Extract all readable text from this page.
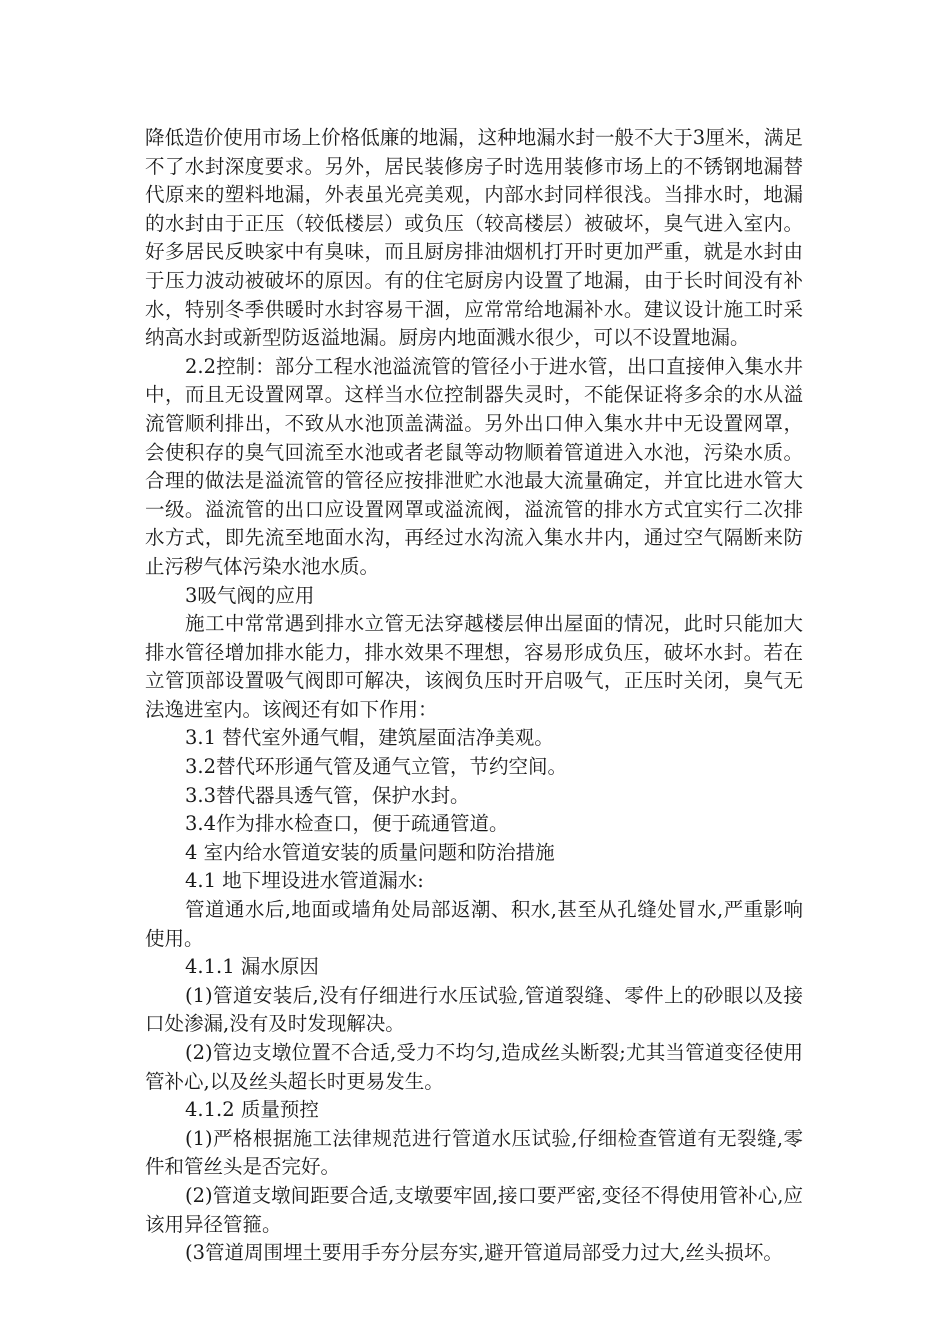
降低造价使用市场上价格低廉的地漏，这种地漏水封一般不大于3厘米，满足不了水封深度要求。另外，居民装修房子时选用装修市场上的不锈钢地漏替代原来的塑料地漏，外表虽光亮美观，内部水封同样很浅。当排水时，地漏的水封由于正压（较低楼层）或负压（较高楼层）被破坏，臭气进入室内。好多居民反映家中有臭味，而且厨房排油烟机打开时更加严重，就是水封由于压力波动被破坏的原因。有的住宅厨房内设置了地漏，由于长时间没有补水，特别冬季供暖时水封容易干涸，应常常给地漏补水。建议设计施工时采纳高水封或新型防返溢地漏。厨房内地面溅水很少，可以不设置地漏。

2.2控制：部分工程水池溢流管的管径小于进水管，出口直接伸入集水井中，而且无设置网罩。这样当水位控制器失灵时，不能保证将多余的水从溢流管顺利排出，不致从水池顶盖满溢。另外出口伸入集水井中无设置网罩，会使积存的臭气回流至水池或者老鼠等动物顺着管道进入水池，污染水质。合理的做法是溢流管的管径应按排泄贮水池最大流量确定，并宜比进水管大一级。溢流管的出口应设置网罩或溢流阀，溢流管的排水方式宜实行二次排水方式，即先流至地面水沟，再经过水沟流入集水井内，通过空气隔断来防止污秽气体污染水池水质。

3吸气阀的应用

施工中常常遇到排水立管无法穿越楼层伸出屋面的情况，此时只能加大排水管径增加排水能力，排水效果不理想，容易形成负压，破坏水封。若在立管顶部设置吸气阀即可解决，该阀负压时开启吸气，正压时关闭，臭气无法逸进室内。该阀还有如下作用：

3.1 替代室外通气帽，建筑屋面洁净美观。

3.2替代环形通气管及通气立管，节约空间。

3.3替代器具透气管，保护水封。

3.4作为排水检查口，便于疏通管道。

4 室内给水管道安装的质量问题和防治措施

4.1 地下埋设进水管道漏水:

管道通水后,地面或墙角处局部返潮、积水,甚至从孔缝处冒水,严重影响使用。

4.1.1 漏水原因

(1)管道安装后,没有仔细进行水压试验,管道裂缝、零件上的砂眼以及接口处渗漏,没有及时发现解决。

(2)管边支墩位置不合适,受力不均匀,造成丝头断裂;尤其当管道变径使用管补心,以及丝头超长时更易发生。

4.1.2 质量预控

(1)严格根据施工法律规范进行管道水压试验,仔细检查管道有无裂缝,零件和管丝头是否完好。

(2)管道支墩间距要合适,支墩要牢固,接口要严密,变径不得使用管补心,应该用异径管箍。

(3管道周围埋土要用手夯分层夯实,避开管道局部受力过大,丝头损坏。
